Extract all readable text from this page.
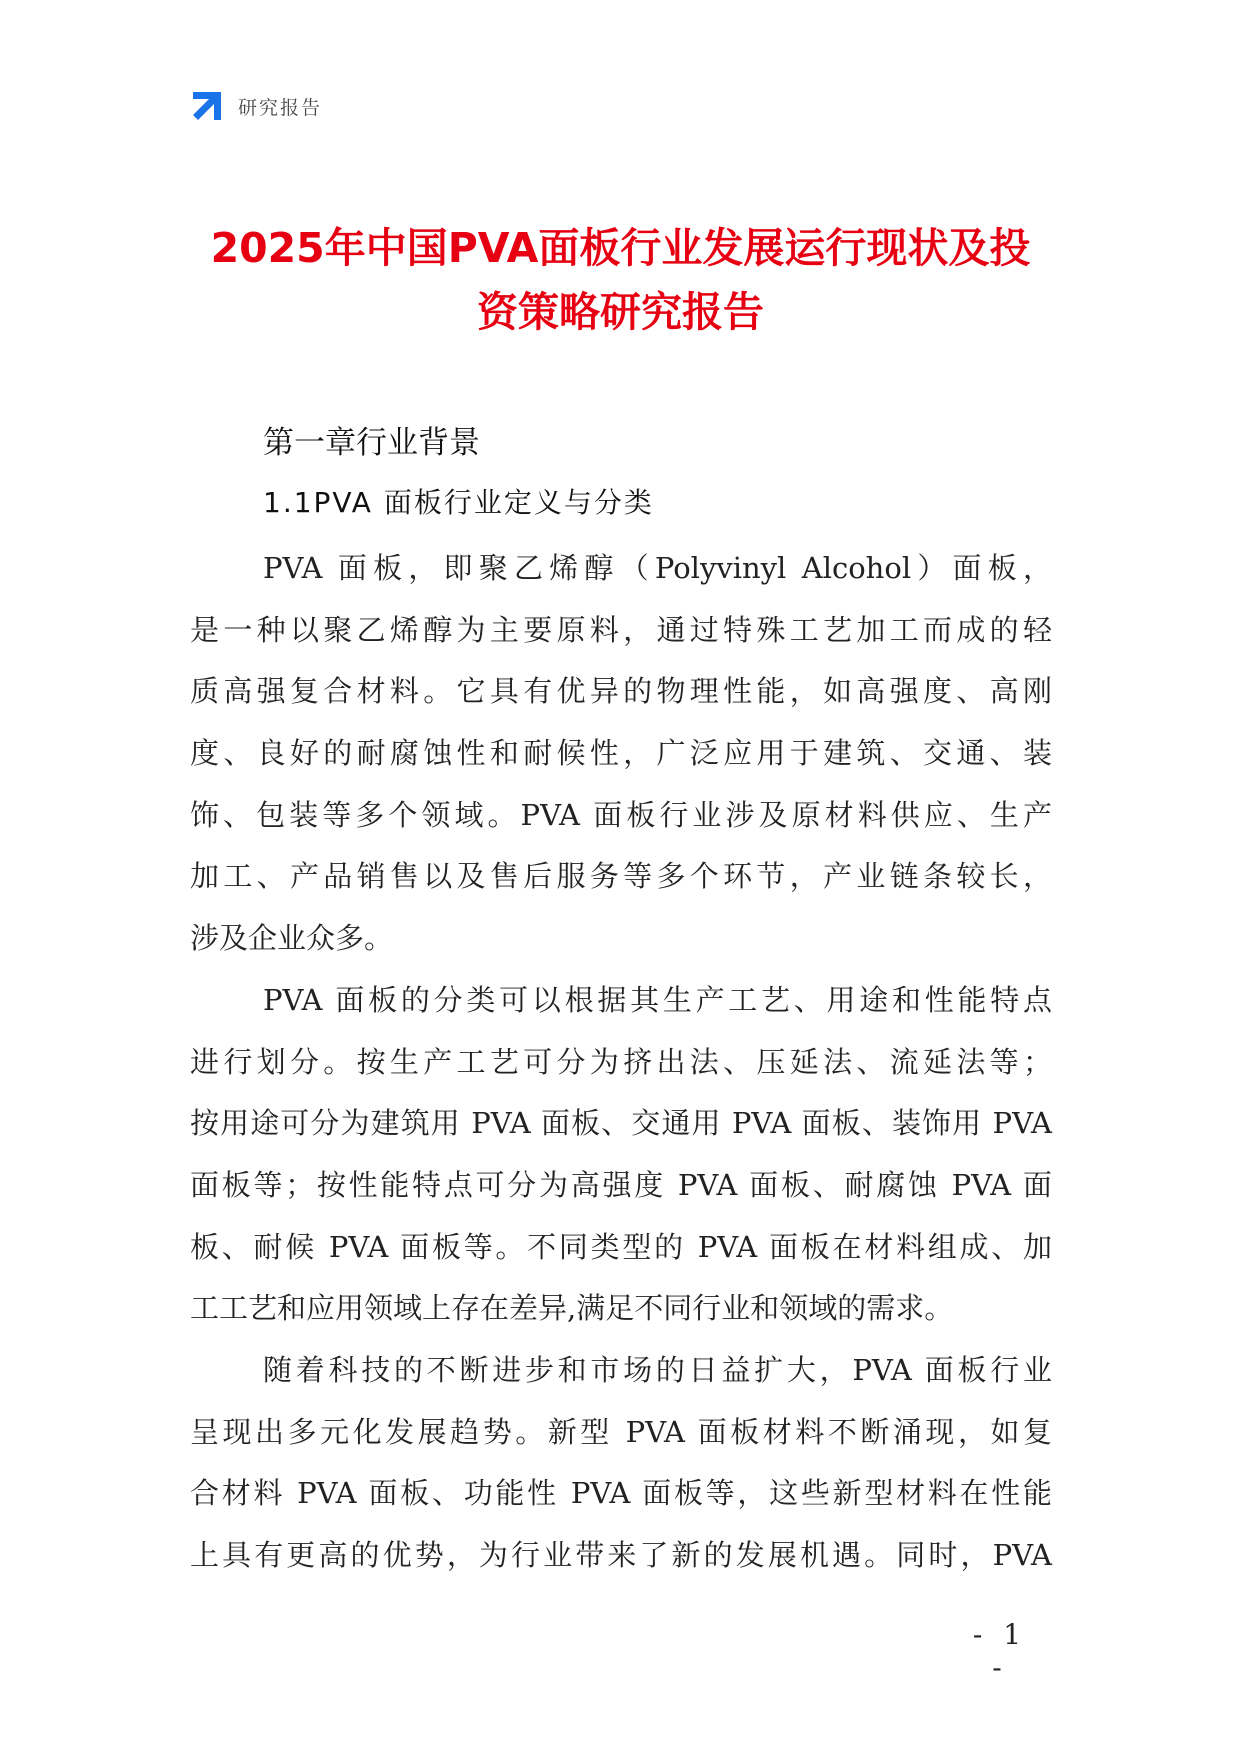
研究报告
2025年中国PVA面板行业发展运行现状及投
资策略研究报告
第一章行业背景
1.1PVA 面板行业定义与分类

PVA 面板，即聚乙烯醇（Polyvinyl Alcohol）面板，
是一种以聚乙烯醇为主要原料，通过特殊工艺加工而成的轻
质高强复合材料。它具有优异的物理性能，如高强度、高刚
度、良好的耐腐蚀性和耐候性，广泛应用于建筑、交通、装
饰、包装等多个领域。PVA 面板行业涉及原材料供应、生产
加工、产品销售以及售后服务等多个环节，产业链条较长，
涉及企业众多。

PVA 面板的分类可以根据其生产工艺、用途和性能特点
进行划分。按生产工艺可分为挤出法、压延法、流延法等；
按用途可分为建筑用 PVA 面板、交通用 PVA 面板、装饰用 PVA
面板等；按性能特点可分为高强度 PVA 面板、耐腐蚀 PVA 面
板、耐候 PVA 面板等。不同类型的 PVA 面板在材料组成、加
工工艺和应用领域上存在差异,满足不同行业和领域的需求。

随着科技的不断进步和市场的日益扩大，PVA 面板行业
呈现出多元化发展趋势。新型 PVA 面板材料不断涌现，如复
合材料 PVA 面板、功能性 PVA 面板等，这些新型材料在性能
上具有更高的优势，为行业带来了新的发展机遇。同时，PVA

- 1 -
